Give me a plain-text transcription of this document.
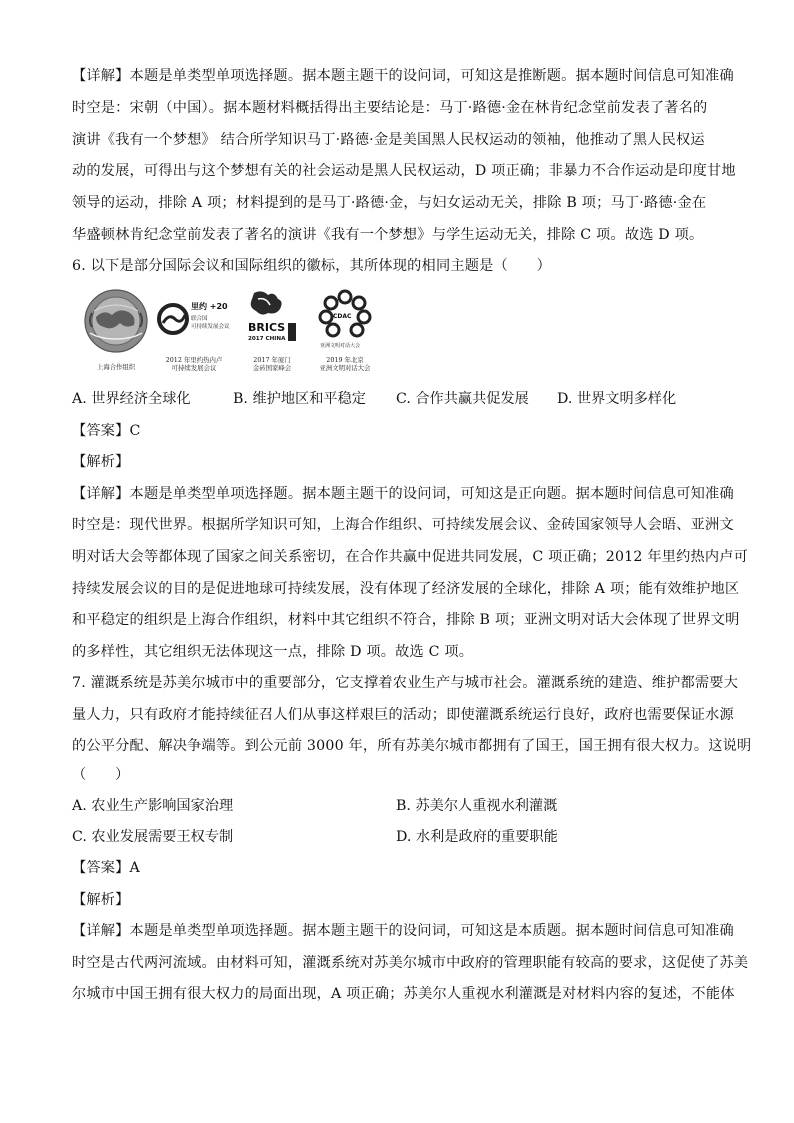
【详解】本题是单类型单项选择题。据本题主题干的设问词，可知这是推断题。据本题时间信息可知准确
时空是：宋朝（中国）。据本题材料概括得出主要结论是：马丁·路德·金在林肯纪念堂前发表了著名的
演讲《我有一个梦想》 结合所学知识马丁·路德·金是美国黑人民权运动的领袖，他推动了黑人民权运
动的发展，可得出与这个梦想有关的社会运动是黑人民权运动，D 项正确；非暴力不合作运动是印度甘地
领导的运动，排除 A 项；材料提到的是马丁·路德·金，与妇女运动无关，排除 B 项；马丁·路德·金在
华盛顿林肯纪念堂前发表了著名的演讲《我有一个梦想》与学生运动无关，排除 C 项。故选 D 项。
6. 以下是部分国际会议和国际组织的徽标，其所体现的相同主题是（　　）
上海合作组织
里约 +20
联合国
可持续发展会议
2012 年里约热内卢
可持续发展会议
BRICS
2017 CHINA
2017 年厦门
金砖国家峰会
CDAC
亚洲文明对话大会
2019 年北京
亚洲文明对话大会
A. 世界经济全球化	B. 维护地区和平稳定 C. 合作共赢共促发展 D. 世界文明多样化
【答案】C
【解析】
【详解】本题是单类型单项选择题。据本题主题干的设问词，可知这是正向题。据本题时间信息可知准确
时空是：现代世界。根据所学知识可知，上海合作组织、可持续发展会议、金砖国家领导人会晤、亚洲文
明对话大会等都体现了国家之间关系密切，在合作共赢中促进共同发展，C 项正确；2012 年里约热内卢可
持续发展会议的目的是促进地球可持续发展，没有体现了经济发展的全球化，排除 A 项；能有效维护地区
和平稳定的组织是上海合作组织，材料中其它组织不符合，排除 B 项；亚洲文明对话大会体现了世界文明
的多样性，其它组织无法体现这一点，排除 D 项。故选 C 项。
7. 灌溉系统是苏美尔城市中的重要部分，它支撑着农业生产与城市社会。灌溉系统的建造、维护都需要大
量人力，只有政府才能持续征召人们从事这样艰巨的活动；即使灌溉系统运行良好，政府也需要保证水源
的公平分配、解决争端等。到公元前 3000 年，所有苏美尔城市都拥有了国王，国王拥有很大权力。这说明
（　　）
A. 农业生产影响国家治理	B. 苏美尔人重视水利灌溉
C. 农业发展需要王权专制	D. 水利是政府的重要职能
【答案】A
【解析】
【详解】本题是单类型单项选择题。据本题主题干的设问词，可知这是本质题。据本题时间信息可知准确
时空是古代两河流域。由材料可知，灌溉系统对苏美尔城市中政府的管理职能有较高的要求，这促使了苏美
尔城市中国王拥有很大权力的局面出现，A 项正确；苏美尔人重视水利灌溉是对材料内容的复述，不能体
